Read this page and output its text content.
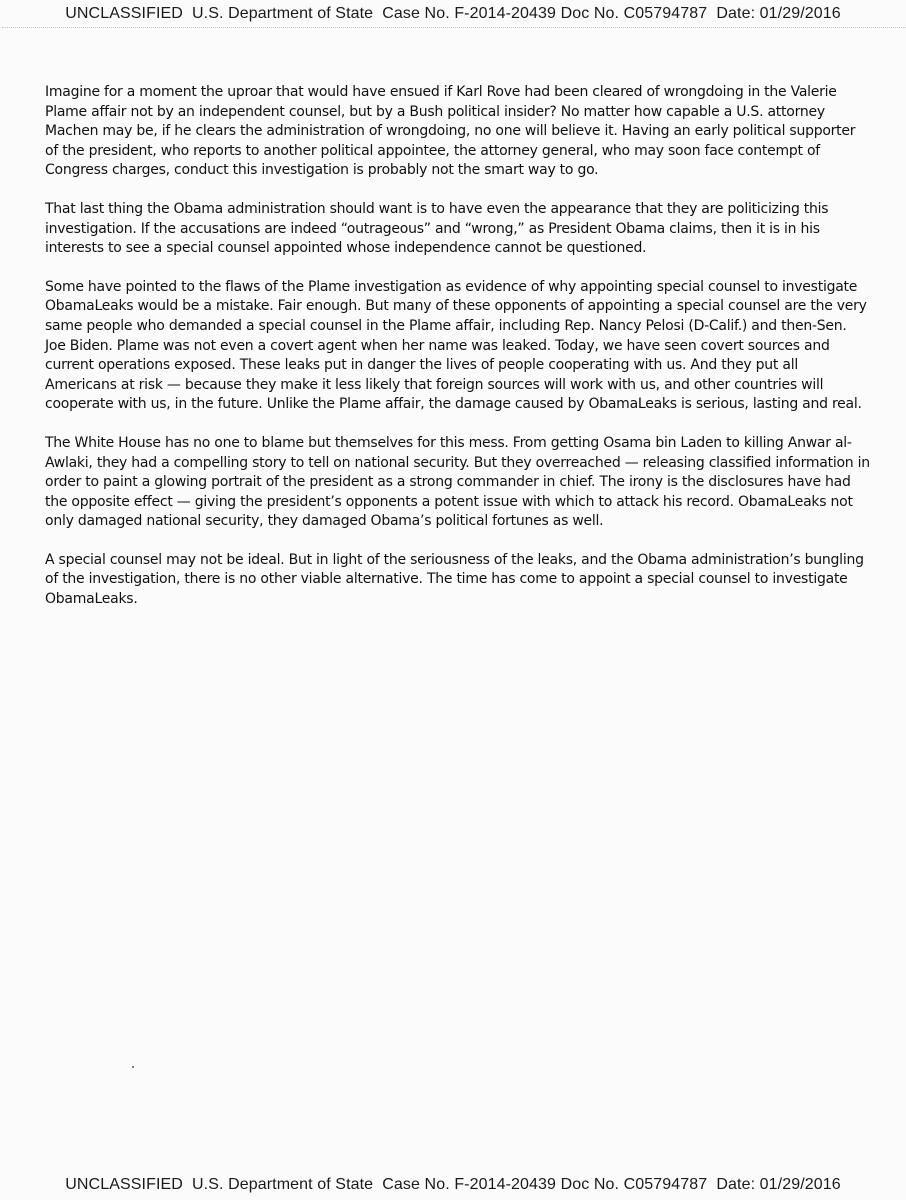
UNCLASSIFIED U.S. Department of State Case No. F-2014-20439 Doc No. C05794787 Date: 01/29/2016

Imagine for a moment the uproar that would have ensued if Karl Rove had been cleared of wrongdoing in the Valerie Plame affair not by an independent counsel, but by a Bush political insider? No matter how capable a U.S. attorney Machen may be, if he clears the administration of wrongdoing, no one will believe it. Having an early political supporter of the president, who reports to another political appointee, the attorney general, who may soon face contempt of Congress charges, conduct this investigation is probably not the smart way to go.

That last thing the Obama administration should want is to have even the appearance that they are politicizing this investigation. If the accusations are indeed “outrageous” and “wrong,” as President Obama claims, then it is in his interests to see a special counsel appointed whose independence cannot be questioned.

Some have pointed to the flaws of the Plame investigation as evidence of why appointing special counsel to investigate ObamaLeaks would be a mistake. Fair enough. But many of these opponents of appointing a special counsel are the very same people who demanded a special counsel in the Plame affair, including Rep. Nancy Pelosi (D-Calif.) and then-Sen. Joe Biden. Plame was not even a covert agent when her name was leaked. Today, we have seen covert sources and current operations exposed. These leaks put in danger the lives of people cooperating with us. And they put all Americans at risk — because they make it less likely that foreign sources will work with us, and other countries will cooperate with us, in the future. Unlike the Plame affair, the damage caused by ObamaLeaks is serious, lasting and real.

The White House has no one to blame but themselves for this mess. From getting Osama bin Laden to killing Anwar al-Awlaki, they had a compelling story to tell on national security. But they overreached — releasing classified information in order to paint a glowing portrait of the president as a strong commander in chief. The irony is the disclosures have had the opposite effect — giving the president’s opponents a potent issue with which to attack his record. ObamaLeaks not only damaged national security, they damaged Obama’s political fortunes as well.

A special counsel may not be ideal. But in light of the seriousness of the leaks, and the Obama administration’s bungling of the investigation, there is no other viable alternative. The time has come to appoint a special counsel to investigate ObamaLeaks.

UNCLASSIFIED U.S. Department of State Case No. F-2014-20439 Doc No. C05794787 Date: 01/29/2016
